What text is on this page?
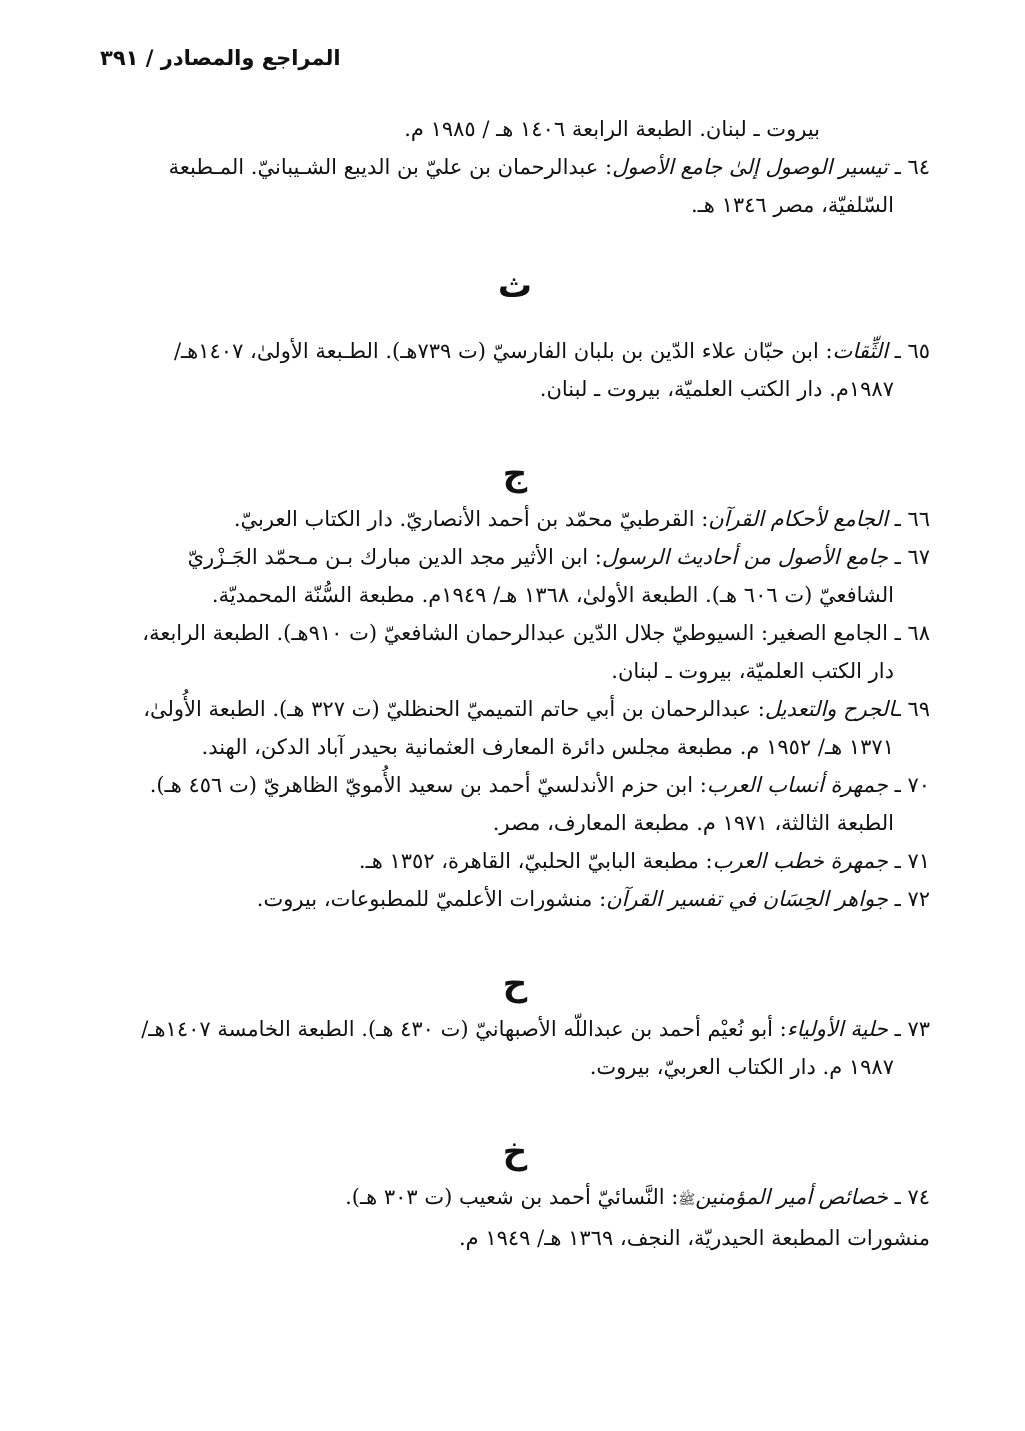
المراجع والمصادر / ٣٩١
بيروت ـ لبنان. الطبعة الرابعة ١٤٠٦ هـ / ١٩٨٥ م.
٦٤ ـ تيسير الوصول إلىٰ جامع الأصول: عبدالرحمان بن عليّ بن الديبع الشـيبانيّ. المـطبعة
السّلفيّة، مصر ١٣٤٦ هـ.
ث
٦٥ ـ الثِّقات: ابن حبّان علاء الدّين بن بلبان الفارسيّ (ت ٧٣٩هـ). الطـبعة الأولىٰ، ١٤٠٧هـ/
١٩٨٧م. دار الكتب العلميّة، بيروت ـ لبنان.
ج
٦٦ ـ الجامع لأحكام القرآن: القرطبيّ محمّد بن أحمد الأنصاريّ. دار الكتاب العربيّ.
٦٧ ـ جامع الأصول من أحاديث الرسول: ابن الأثير مجد الدين مبارك بـن مـحمّد الجَـزْريّ
الشافعيّ (ت ٦٠٦ هـ). الطبعة الأولىٰ، ١٣٦٨ هـ/ ١٩٤٩م. مطبعة السُّنّة المحمديّة.
٦٨ ـ الجامع الصغير: السيوطيّ جلال الدّين عبدالرحمان الشافعيّ (ت ٩١٠هـ). الطبعة الرابعة،
دار الكتب العلميّة، بيروت ـ لبنان.
٦٩ ـالجرح والتعديل: عبدالرحمان بن أبي حاتم التميميّ الحنظليّ (ت ٣٢٧ هـ). الطبعة الأُولىٰ،
١٣٧١ هـ/ ١٩٥٢ م. مطبعة مجلس دائرة المعارف العثمانية بحيدر آباد الدكن، الهند.
٧٠ ـ جمهرة أنساب العرب: ابن حزم الأندلسيّ أحمد بن سعيد الأُمويّ الظاهريّ (ت ٤٥٦ هـ).
الطبعة الثالثة، ١٩٧١ م. مطبعة المعارف، مصر.
٧١ ـ جمهرة خطب العرب: مطبعة البابيّ الحلبيّ، القاهرة، ١٣٥٢ هـ.
٧٢ ـ جواهر الحِسَان في تفسير القرآن: منشورات الأعلميّ للمطبوعات، بيروت.
ح
٧٣ ـ حلية الأولياء: أبو نُعيْم أحمد بن عبداللّه الأصبهانيّ (ت ٤٣٠ هـ). الطبعة الخامسة ١٤٠٧هـ/
١٩٨٧ م. دار الكتاب العربيّ، بيروت.
خ
٧٤ ـ خصائص أمير المؤمنينﷺ: النَّسائيّ أحمد بن شعيب (ت ٣٠٣ هـ).
منشورات المطبعة الحيدريّة، النجف، ١٣٦٩ هـ/ ١٩٤٩ م.
